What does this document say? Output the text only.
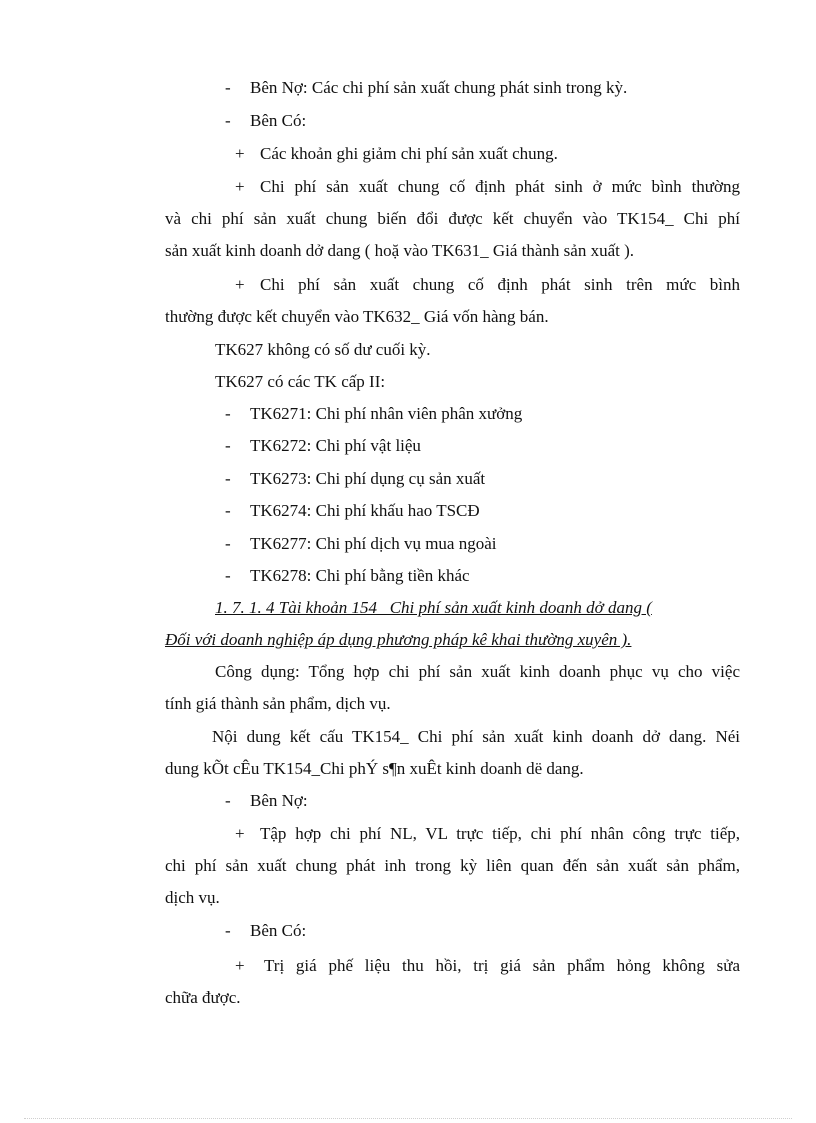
- Bên Nợ: Các chi phí sản xuất chung phát sinh trong kỳ.
- Bên Có:
+ Các khoản ghi giảm chi phí sản xuất chung.
+ Chi phí sản xuất chung cố định phát sinh ở mức bình thường
và chi phí sản xuất chung biến đổi được kết chuyển vào TK154_ Chi phí
sản xuất kinh doanh dở dang ( hoặ vào TK631_ Giá thành sản xuất ).
+ Chi phí sản xuất chung cố định phát sinh trên mức bình
thường được kết chuyển vào TK632_ Giá vốn hàng bán.
TK627 không có số dư cuối kỳ.
TK627 có các TK cấp II:
- TK6271: Chi phí nhân viên phân xưởng
- TK6272: Chi phí vật liệu
- TK6273: Chi phí dụng cụ sản xuất
- TK6274: Chi phí khấu hao TSCĐ
- TK6277: Chi phí dịch vụ mua ngoài
- TK6278: Chi phí bằng tiền khác
1. 7. 1. 4 Tài khoản 154_ Chi phí sản xuất kinh doanh dở dang (
Đối với doanh nghiệp áp dụng phương pháp kê khai thường xuyên ).
Công dụng: Tổng hợp chi phí sản xuất kinh doanh phục vụ cho việc
tính giá thành sản phẩm, dịch vụ.
Nội dung kết cấu TK154_ Chi phí sản xuất kinh doanh dở dang. Néi
dung kÕt cÊu TK154_Chi phÝ s¶n xuÊt kinh doanh dë dang.
- Bên Nợ:
+ Tập hợp chi phí NL, VL trực tiếp, chi phí nhân công trực tiếp,
chi phí sản xuất chung phát inh trong kỳ liên quan đến sản xuất sản phẩm,
dịch vụ.
- Bên Có:
+ Trị giá phế liệu thu hồi, trị giá sản phẩm hỏng không sửa
chữa được.
